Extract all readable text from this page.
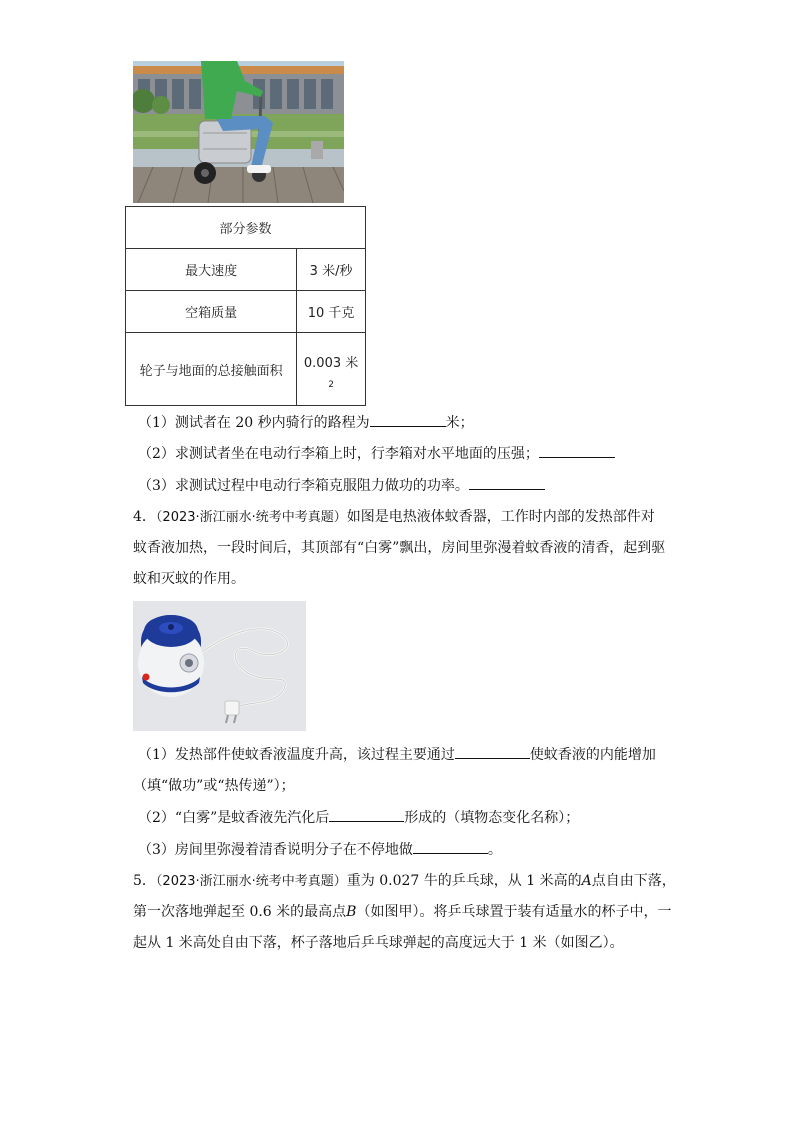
部分参数	
最大速度	3 米/秒
空箱质量	10 千克
轮子与地面的总接触面积	0.003 米
2
（1）测试者在 20 秒内骑行的路程为	米；
（2）求测试者坐在电动行李箱上时，行李箱对水平地面的压强；
（3）求测试过程中电动行李箱克服阻力做功的功率。
4．（2023·浙江丽水·统考中考真题）如图是电热液体蚊香器，工作时内部的发热部件对
蚊香液加热，一段时间后，其顶部有“白雾”飘出，房间里弥漫着蚊香液的清香，起到驱
蚊和灭蚊的作用。
（1）发热部件使蚊香液温度升高，该过程主要通过	使蚊香液的内能增加
（填“做功”或“热传递”）；
（2）“白雾”是蚊香液先汽化后	形成的（填物态变化名称）；
（3）房间里弥漫着清香说明分子在不停地做	。
5．（2023·浙江丽水·统考中考真题）重为 0.027 牛的乒乓球，从 1 米高的A点自由下落，
第一次落地弹起至 0.6 米的最高点B（如图甲）。将乒乓球置于装有适量水的杯子中，一
起从 1 米高处自由下落，杯子落地后乒乓球弹起的高度远大于 1 米（如图乙）。
